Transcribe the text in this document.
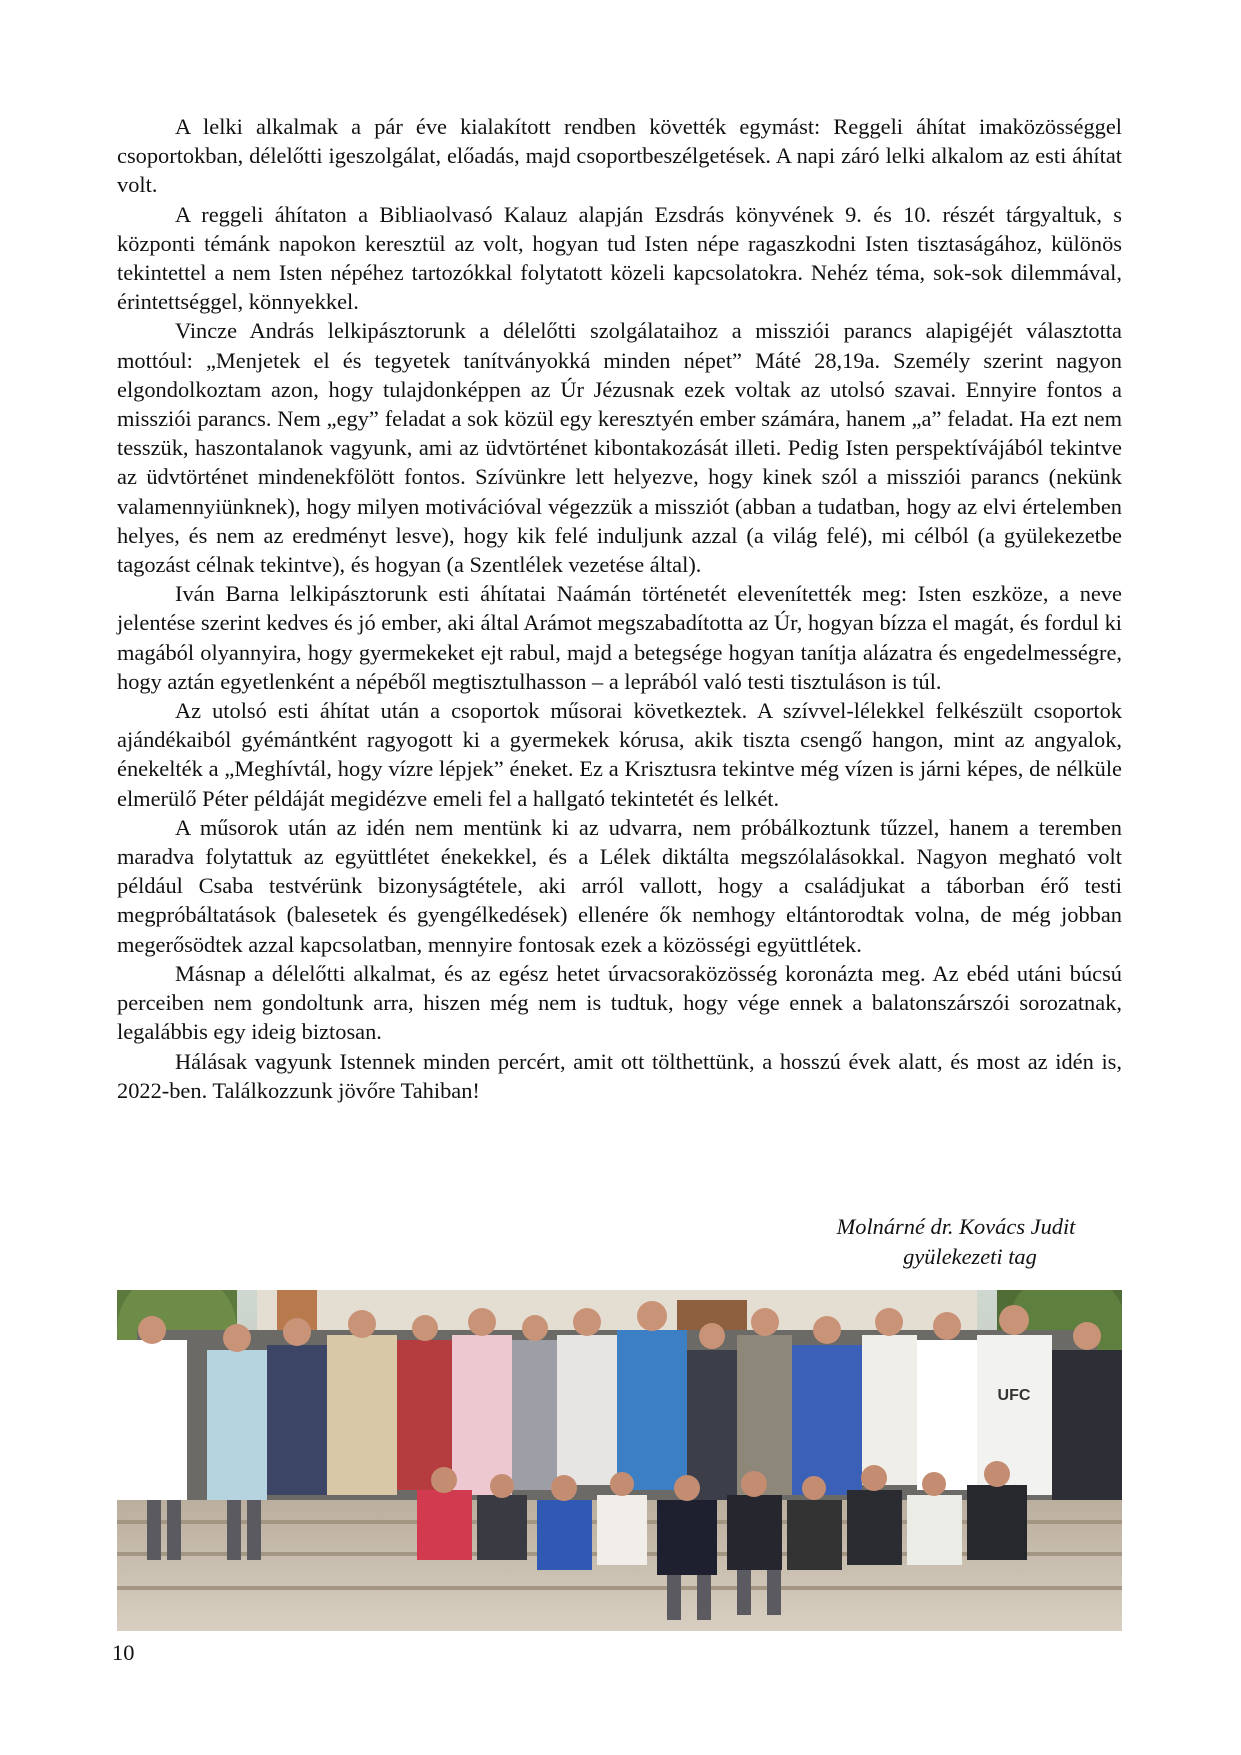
A lelki alkalmak a pár éve kialakított rendben követték egymást: Reggeli áhítat imaközösséggel csoportokban, délelőtti igeszolgálat, előadás, majd csoportbeszélgetések. A napi záró lelki alkalom az esti áhítat volt.

A reggeli áhítaton a Bibliaolvasó Kalauz alapján Ezsdrás könyvének 9. és 10. részét tárgyaltuk, s központi témánk napokon keresztül az volt, hogyan tud Isten népe ragaszkodni Isten tisztaságához, különös tekintettel a nem Isten népéhez tartozókkal folytatott közeli kapcsolatokra. Nehéz téma, sok-sok dilemmával, érintettséggel, könnyekkel.

Vincze András lelkipásztorunk a délelőtti szolgálataihoz a missziói parancs alapigéjét választotta mottóul: „Menjetek el és tegyetek tanítványokká minden népet” Máté 28,19a. Személy szerint nagyon elgondolkoztam azon, hogy tulajdonképpen az Úr Jézusnak ezek voltak az utolsó szavai. Ennyire fontos a missziói parancs. Nem „egy” feladat a sok közül egy keresztyén ember számára, hanem „a” feladat. Ha ezt nem tesszük, haszontalanok vagyunk, ami az üdvtörténet kibontakozását illeti. Pedig Isten perspektívájából tekintve az üdvtörténet mindenekfölött fontos. Szívünkre lett helyezve, hogy kinek szól a missziói parancs (nekünk valamennyiünknek), hogy milyen motivációval végezzük a missziót (abban a tudatban, hogy az elvi értelemben helyes, és nem az eredményt lesve), hogy kik felé induljunk azzal (a világ felé), mi célból (a gyülekezetbe tagozást célnak tekintve), és hogyan (a Szentlélek vezetése által).

Iván Barna lelkipásztorunk esti áhítatai Naámán történetét elevenítették meg: Isten eszköze, a neve jelentése szerint kedves és jó ember, aki által Arámot megszabadította az Úr, hogyan bízza el magát, és fordul ki magából olyannyira, hogy gyermekeket ejt rabul, majd a betegsége hogyan tanítja alázatra és engedelmességre, hogy aztán egyetlenként a népéből megtisztulhasson – a leprából való testi tisztuláson is túl.

Az utolsó esti áhítat után a csoportok műsorai következtek. A szívvel-lélekkel felkészült csoportok ajándékaiból gyémántként ragyogott ki a gyermekek kórusa, akik tiszta csengő hangon, mint az angyalok, énekelték a „Meghívtál, hogy vízre lépjek” éneket. Ez a Krisztusra tekintve még vízen is járni képes, de nélküle elmerülő Péter példáját megidézve emeli fel a hallgató tekintetét és lelkét.

A műsorok után az idén nem mentünk ki az udvarra, nem próbálkoztunk tűzzel, hanem a teremben maradva folytattuk az együttlétet énekekkel, és a Lélek diktálta megszólalásokkal. Nagyon megható volt például Csaba testvérünk bizonyságtétele, aki arról vallott, hogy a családjukat a táborban érő testi megpróbáltatások (balesetek és gyengélkedések) ellenére ők nemhogy eltántorodtak volna, de még jobban megerősödtek azzal kapcsolatban, mennyire fontosak ezek a közösségi együttlétek.

Másnap a délelőtti alkalmat, és az egész hetet úrvacsoraközösség koronázta meg. Az ebéd utáni búcsú perceiben nem gondoltunk arra, hiszen még nem is tudtuk, hogy vége ennek a balatonszárszói sorozatnak, legalábbis egy ideig biztosan.

Hálásak vagyunk Istennek minden percért, amit ott tölthettünk, a hosszú évek alatt, és most az idén is, 2022-ben. Találkozzunk jövőre Tahiban!

Molnárné dr. Kovács Judit
gyülekezeti tag
UFC
10
